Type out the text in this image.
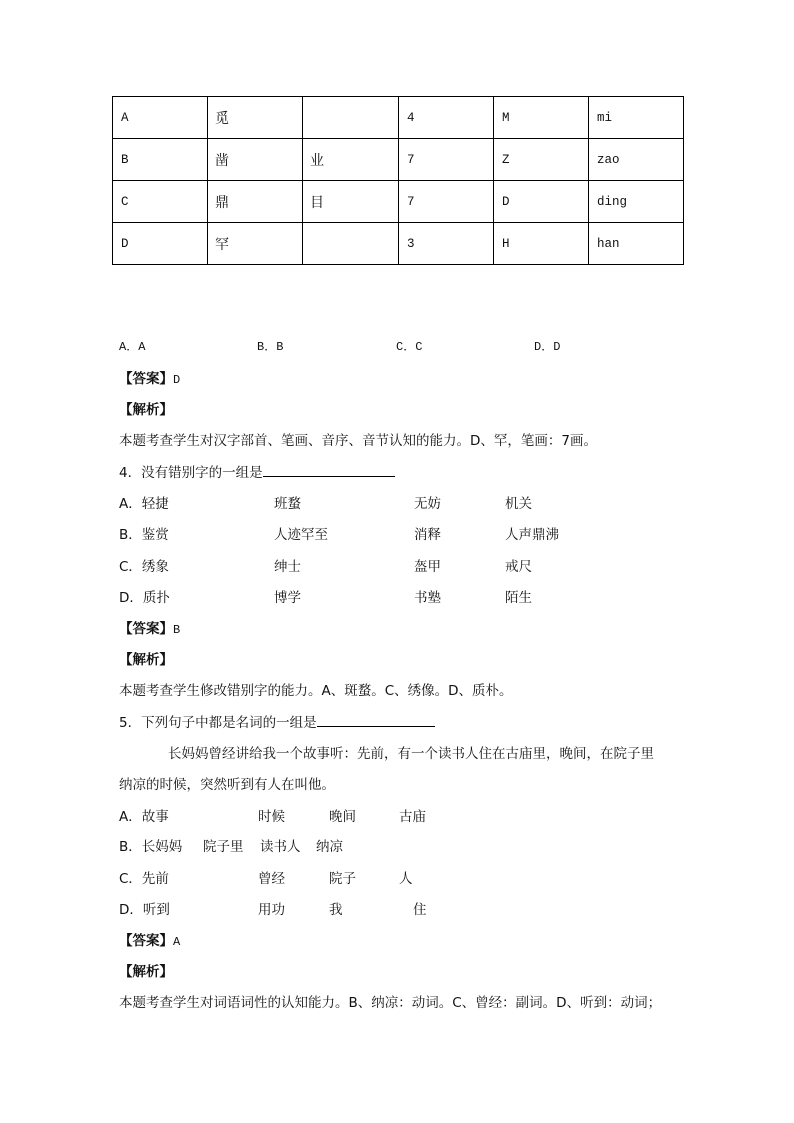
A	觅		4	M	mi
B	凿	业	7	Z	zao
C	鼎	目	7	D	ding
D	罕		3	H	han
A．A	B．B	C．C	D．D
【答案】D
【解析】
本题考查学生对汉字部首、笔画、音序、音节认知的能力。D、罕，笔画：7画。
4．没有错别字的一组是
A．轻捷	班蝥	无妨	机关
B．鉴赏	人迹罕至	消释	人声鼎沸
C．绣象	绅士	盔甲	戒尺
D．质扑	博学	书塾	陌生
【答案】B
【解析】
本题考查学生修改错别字的能力。A、斑蝥。C、绣像。D、质朴。
5．下列句子中都是名词的一组是
长妈妈曾经讲给我一个故事听：先前，有一个读书人住在古庙里，晚间，在院子里
纳凉的时候，突然听到有人在叫他。
A．故事	时候	晚间	古庙
B．长妈妈 院子里 读书人 纳凉
C．先前	曾经	院子	人
D．听到	用功	我	住
【答案】A
【解析】
本题考查学生对词语词性的认知能力。B、纳凉：动词。C、曾经：副词。D、听到：动词；
